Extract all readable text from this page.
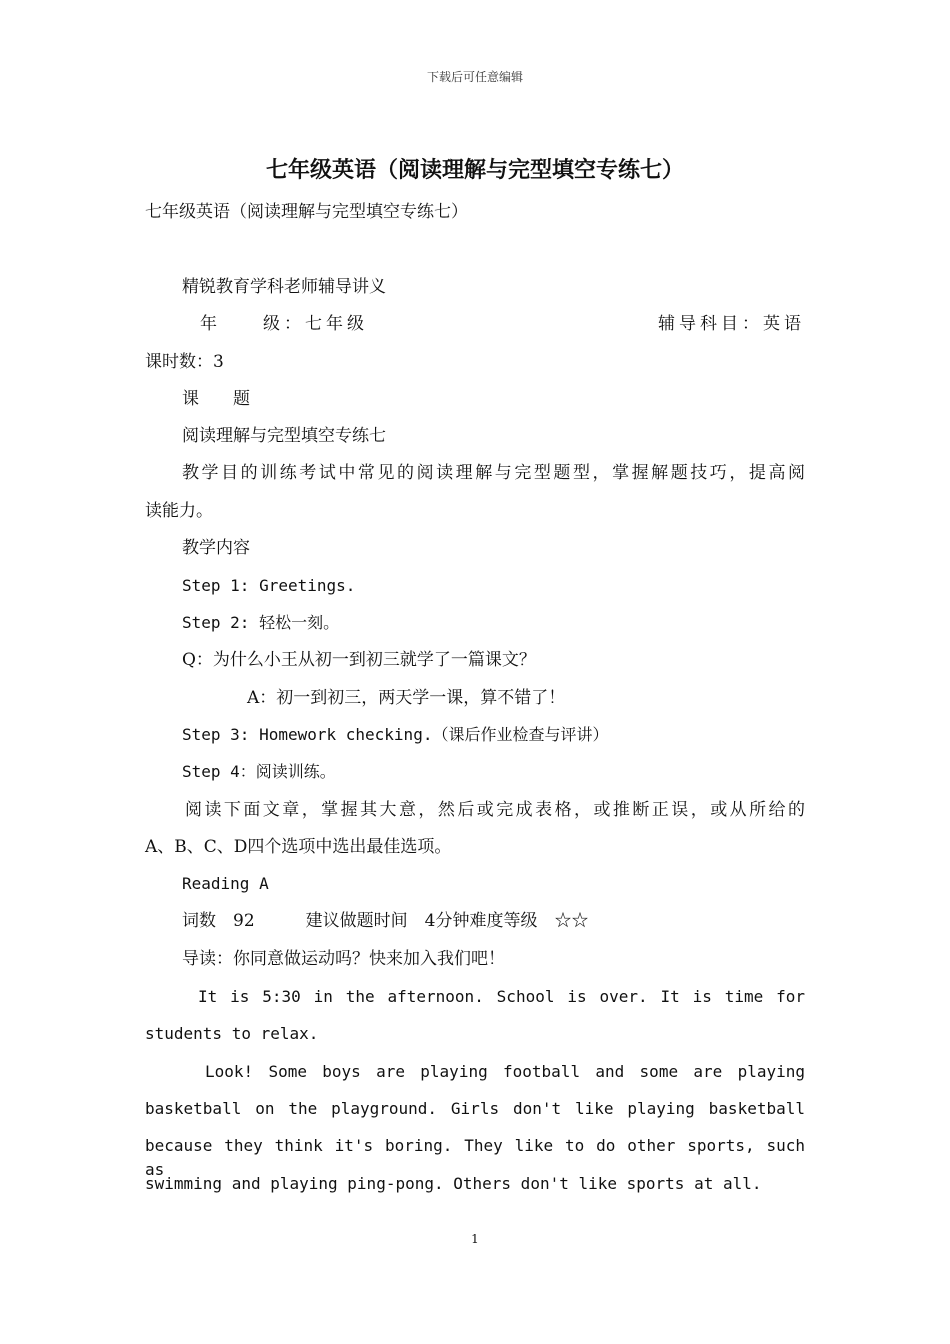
下载后可任意编辑
七年级英语（阅读理解与完型填空专练七）
七年级英语（阅读理解与完型填空专练七）
精锐教育学科老师辅导讲义
年　　级：七年级	辅导科目：英语
课时数：3
课　　题
阅读理解与完型填空专练七
教学目的训练考试中常见的阅读理解与完型题型，掌握解题技巧，提高阅
读能力。
教学内容
Step 1: Greetings.
Step 2: 轻松一刻。
Q：为什么小王从初一到初三就学了一篇课文？
A：初一到初三，两天学一课，算不错了！
Step 3: Homework checking.（课后作业检查与评讲）
Step 4：阅读训练。
阅读下面文章，掌握其大意，然后或完成表格，或推断正误，或从所给的
A、B、C、D四个选项中选出最佳选项。
Reading A
词数　92　　　建议做题时间　4分钟难度等级　☆☆
导读：你同意做运动吗？快来加入我们吧！
It is 5:30 in the afternoon. School is over. It is time for
students to relax.
Look! Some boys are playing football and some are playing
basketball on the playground. Girls don't like playing basketball
because they think it's boring. They like to do other sports, such as
swimming and playing ping-pong. Others don't like sports at all.
1
